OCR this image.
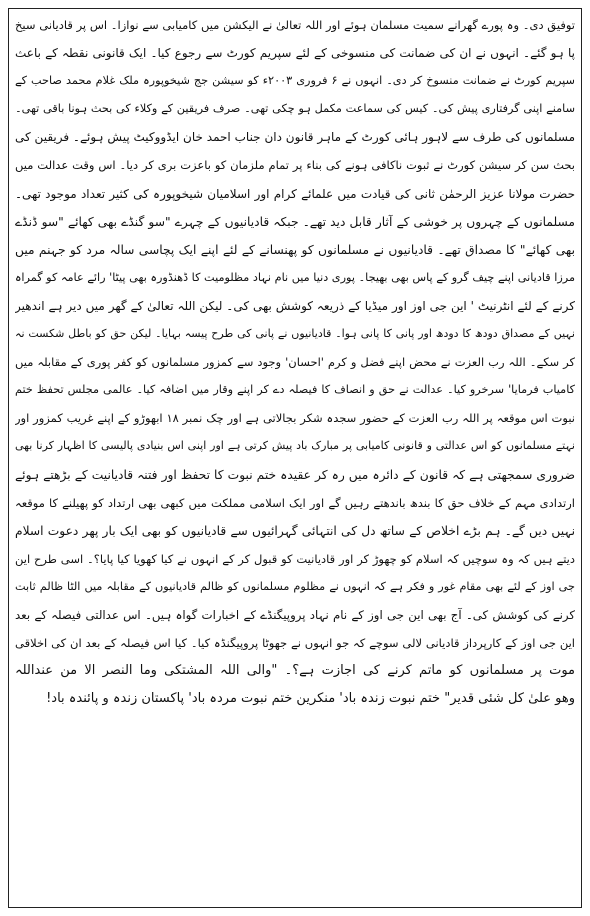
توفیق دی۔ وہ پورے گھرانے سمیت مسلمان ہوئے اور اللہ تعالیٰ نے الیکشن میں کامیابی سے نوازا۔ اس پر قادیانی سیخ
پا ہو گئے۔ انہوں نے ان کی ضمانت کی منسوخی کے لئے سپریم کورٹ سے رجوع کیا۔ ایک قانونی نقطہ کے باعث
سپریم کورٹ نے ضمانت منسوخ کر دی۔ انہوں نے ۶ فروری ۲۰۰۳ء کو سیشن جج شیخوپورہ ملک غلام محمد صاحب کے
سامنے اپنی گرفتاری پیش کی۔ کیس کی سماعت مکمل ہو چکی تھی۔ صرف فریقین کے وکلاء کی بحث ہونا باقی تھی۔
مسلمانوں کی طرف سے لاہور ہائی کورٹ کے ماہر قانون دان جناب احمد خان ایڈووکیٹ پیش ہوئے۔ فریقین کی
بحث سن کر سیشن کورٹ نے ثبوت ناکافی ہونے کی بناء پر تمام ملزمان کو باعزت بری کر دیا۔ اس وقت عدالت میں
حضرت مولانا عزیز الرحمٰن ثانی کی قیادت میں علمائے کرام اور اسلامیان شیخوپورہ کی کثیر تعداد موجود تھی۔
مسلمانوں کے چہروں پر خوشی کے آثار قابل دید تھے۔ جبکہ قادیانیوں کے چہرے "سو گنڈے بھی کھائے "سو ڈنڈے
بھی کھائے" کا مصداق تھے۔ قادیانیوں نے مسلمانوں کو پھنسانے کے لئے اپنے ایک پچاسی سالہ مرد کو جہنم میں
مرزا قادیانی اپنے چیف گرو کے پاس بھی بھیجا۔ پوری دنیا میں نام نہاد مظلومیت کا ڈھنڈورہ بھی پیٹا' رائے عامہ کو گمراہ
کرنے کے لئے انٹرنیٹ ' این جی اوز اور میڈیا کے ذریعہ کوشش بھی کی۔ لیکن اللہ تعالیٰ کے گھر میں دیر ہے اندھیر
نہیں کے مصداق دودھ کا دودھ اور پانی کا پانی ہوا۔ قادیانیوں نے پانی کی طرح پیسہ بہایا۔ لیکن حق کو باطل شکست نہ
کر سکے۔ اللہ رب العزت نے محض اپنے فضل و کرم 'احسان' وجود سے کمزور مسلمانوں کو کفر پوری کے مقابلہ میں
کامیاب فرمایا' سرخرو کیا۔ عدالت نے حق و انصاف کا فیصلہ دے کر اپنے وقار میں اضافہ کیا۔ عالمی مجلس تحفظ ختم
نبوت اس موقعہ پر اللہ رب العزت کے حضور سجدہ شکر بجالاتی ہے اور چک نمبر ۱۸ ابھوڑو کے اپنے غریب کمزور اور
نہتے مسلمانوں کو اس عدالتی و قانونی کامیابی پر مبارک باد پیش کرتی ہے اور اپنی اس بنیادی پالیسی کا اظہار کرنا بھی
ضروری سمجھتی ہے کہ قانون کے دائرہ میں رہ کر عقیدہ ختم نبوت کا تحفظ اور فتنہ قادیانیت کے بڑھتے ہوئے
ارتدادی مہم کے خلاف حق کا بندھ باندھتے رہیں گے اور ایک اسلامی مملکت میں کبھی بھی ارتداد کو پھیلنے کا موقعہ
نہیں دیں گے۔ ہم بڑے اخلاص کے ساتھ دل کی انتہائی گہرائیوں سے قادیانیوں کو بھی ایک بار پھر دعوت اسلام
دیتے ہیں کہ وہ سوچیں کہ اسلام کو چھوڑ کر اور قادیانیت کو قبول کر کے انہوں نے کیا کھویا کیا پایا؟۔ اسی طرح این
جی اوز کے لئے بھی مقام غور و فکر ہے کہ انہوں نے مظلوم مسلمانوں کو ظالم قادیانیوں کے مقابلہ میں الٹا ظالم ثابت
کرنے کی کوشش کی۔ آج بھی این جی اوز کے نام نہاد پروپیگنڈے کے اخبارات گواہ ہیں۔ اس عدالتی فیصلہ کے بعد
این جی اوز کے کارپرداز قادیانی لالی سوچے کہ جو انہوں نے جھوٹا پروپیگنڈہ کیا۔ کیا اس فیصلہ کے بعد ان کی اخلاقی
موت پر مسلمانوں کو ماتم کرنے کی اجازت ہے؟۔ "والی اللہ المشتکی وما النصر الا من عنداللہ
وھو علیٰ کل شئی قدیر" ختم نبوت زندہ باد' منکرین ختم نبوت مردہ باد' پاکستان زندہ و پائندہ باد!
